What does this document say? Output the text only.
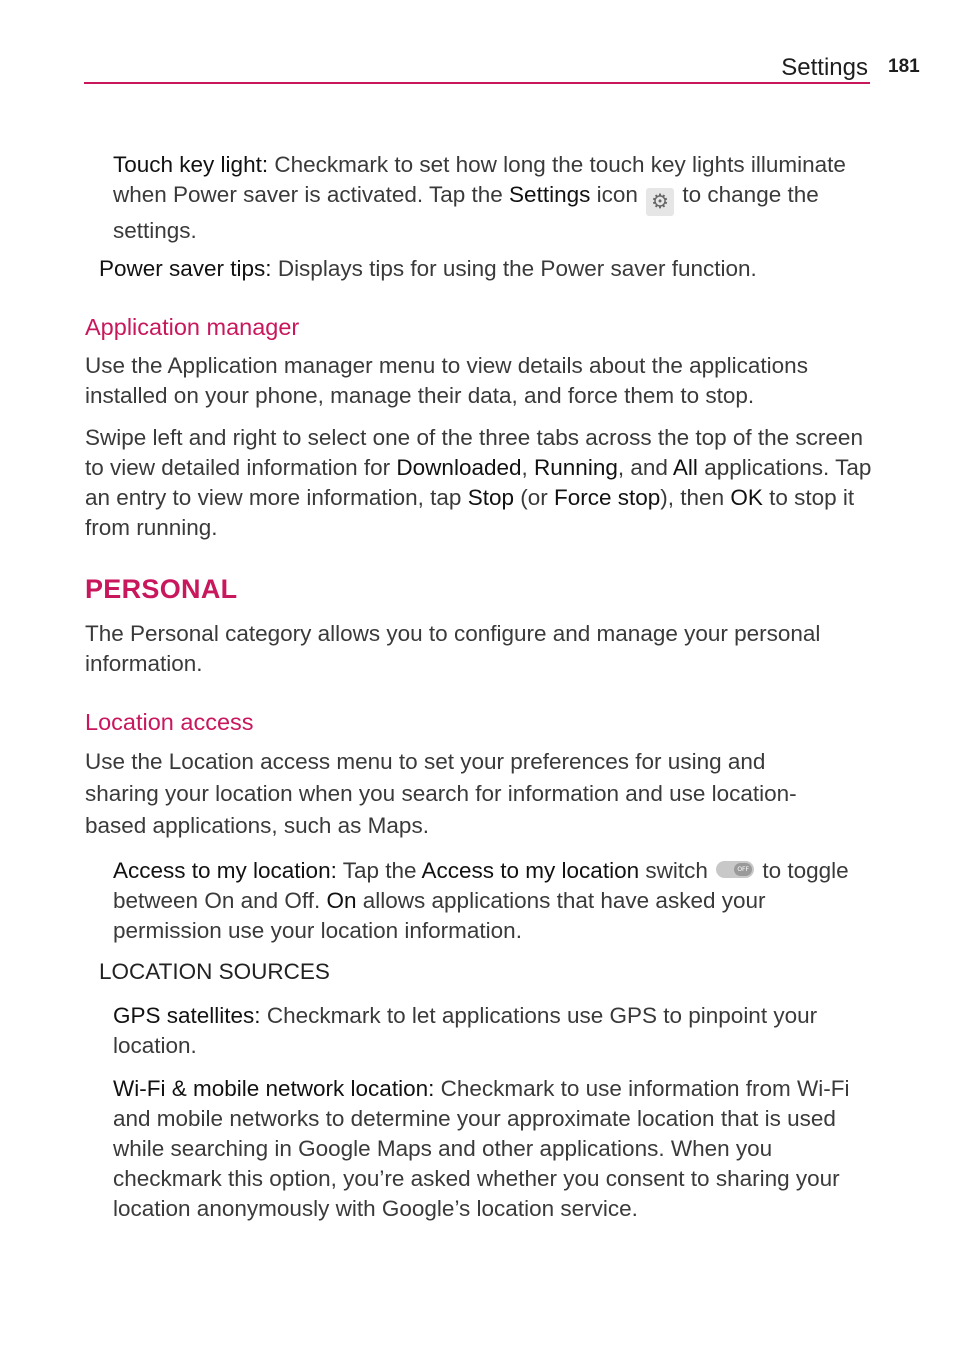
Settings 181

Touch key light: Checkmark to set how long the touch key lights illuminate when Power saver is activated. Tap the Settings icon ⚙ to change the settings.

Power saver tips: Displays tips for using the Power saver function.

Application manager

Use the Application manager menu to view details about the applications installed on your phone, manage their data, and force them to stop.

Swipe left and right to select one of the three tabs across the top of the screen to view detailed information for Downloaded, Running, and All applications. Tap an entry to view more information, tap Stop (or Force stop), then OK to stop it from running.

PERSONAL

The Personal category allows you to configure and manage your personal information.

Location access

Use the Location access menu to set your preferences for using and sharing your location when you search for information and use location-based applications, such as Maps.

Access to my location: Tap the Access to my location switch	OFF to toggle between On and Off. On allows applications that have asked your permission use your location information.

LOCATION SOURCES

GPS satellites: Checkmark to let applications use GPS to pinpoint your location.

Wi-Fi & mobile network location: Checkmark to use information from Wi-Fi and mobile networks to determine your approximate location that is used while searching in Google Maps and other applications. When you checkmark this option, you’re asked whether you consent to sharing your location anonymously with Google’s location service.
